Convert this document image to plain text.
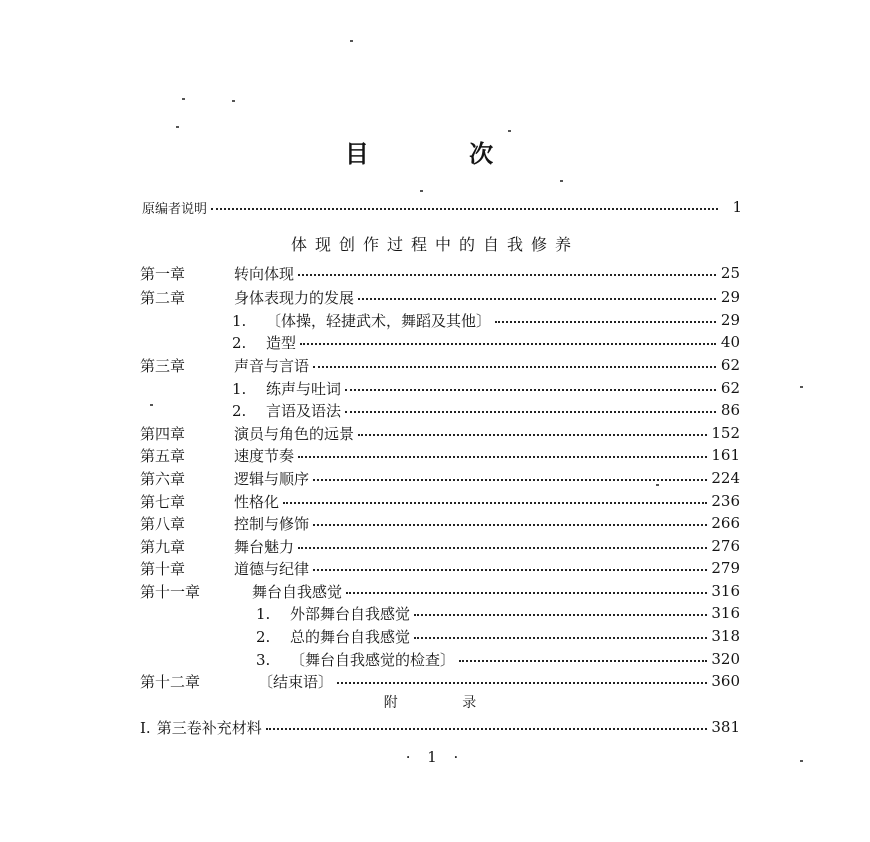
目 次
原编者说明	1
体现创作过程中的自我修养
第一章	转向体现	25
第二章	身体表现力的发展	29
1. 〔体操，轻捷武术，舞蹈及其他〕	29
2. 造型	40
第三章	声音与言语	62
1. 练声与吐词	62
2. 言语及语法	86
第四章	演员与角色的远景	152
第五章	速度节奏	161
第六章	逻辑与顺序	224
第七章	性格化	236
第八章	控制与修饰	266
第九章	舞台魅力	276
第十章	道德与纪律	279
第十一章	舞台自我感觉	316
1. 外部舞台自我感觉	316
2. 总的舞台自我感觉	318
3. 〔舞台自我感觉的检查〕	320
第十二章	〔结束语〕	360
附 录
I. 第三卷补充材料	381
· 1 ·
